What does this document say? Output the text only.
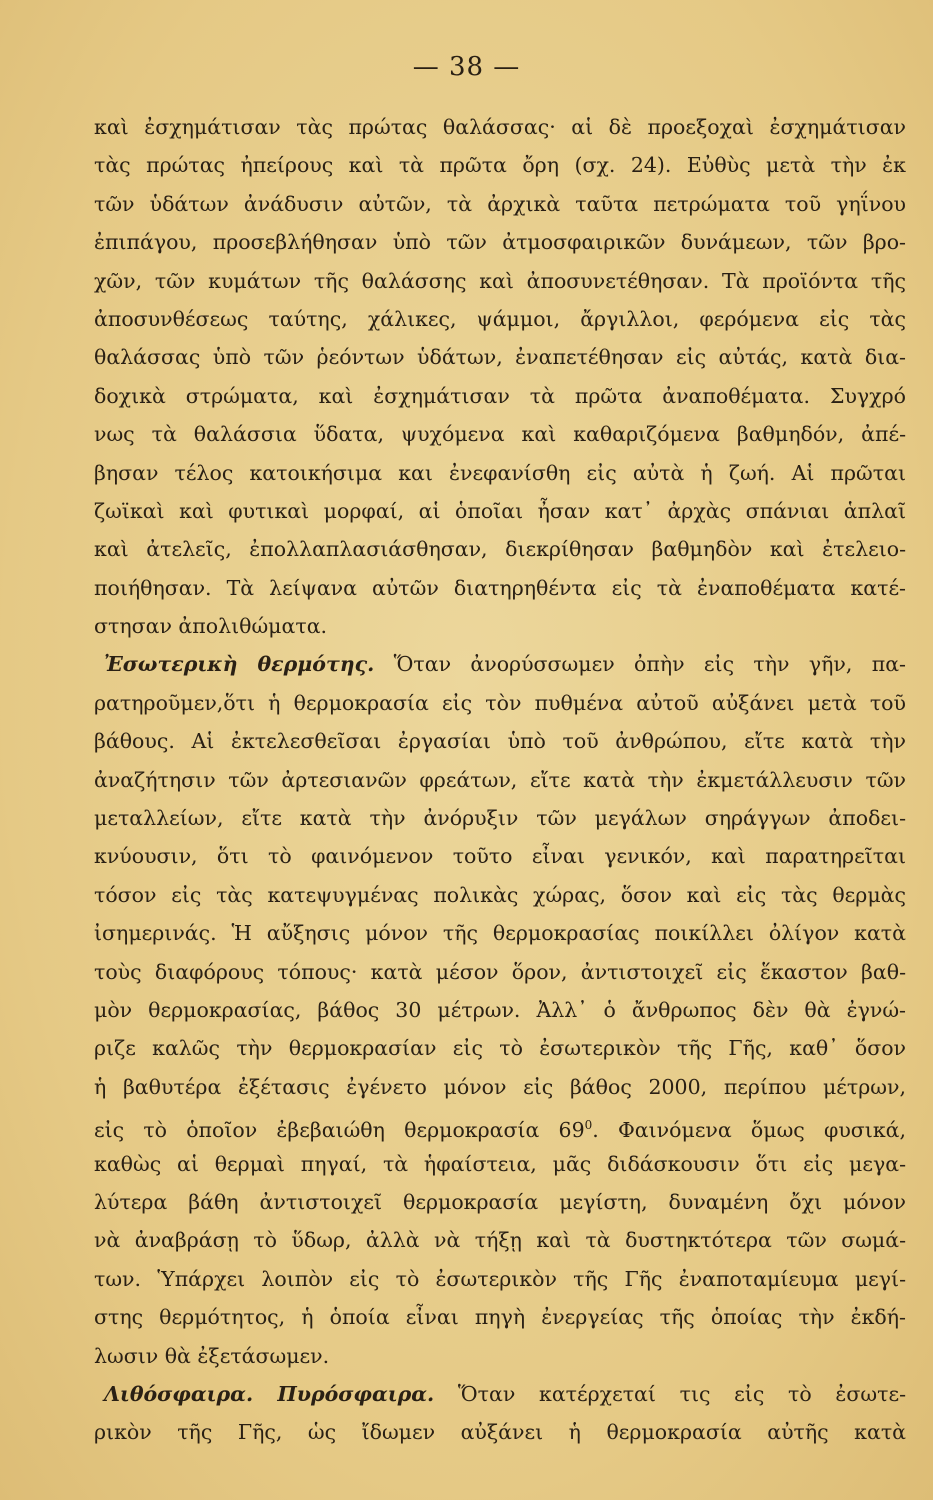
— 38 —
καὶ ἐσχημάτισαν τὰς πρώτας θαλάσσας· αἱ δὲ προεξοχαὶ ἐσχημάτισαν
τὰς πρώτας ἠπείρους καὶ τὰ πρῶτα ὄρη (σχ. 24). Εὐθὺς μετὰ τὴν ἐκ
τῶν ὑδάτων ἀνάδυσιν αὐτῶν, τὰ ἀρχικὰ ταῦτα πετρώματα τοῦ γηΐνου
ἐπιπάγου, προσεβλήθησαν ὑπὸ τῶν ἀτμοσφαιρικῶν δυνάμεων, τῶν βρο-
χῶν, τῶν κυμάτων τῆς θαλάσσης καὶ ἀποσυνετέθησαν. Τὰ προϊόντα τῆς
ἀποσυνθέσεως ταύτης, χάλικες, ψάμμοι, ἄργιλλοι, φερόμενα εἰς τὰς
θαλάσσας ὑπὸ τῶν ῥεόντων ὑδάτων, ἐναπετέθησαν εἰς αὐτάς, κατὰ δια-
δοχικὰ στρώματα, καὶ ἐσχημάτισαν τὰ πρῶτα ἀναποθέματα. Συγχρό
νως τὰ θαλάσσια ὕδατα, ψυχόμενα καὶ καθαριζόμενα βαθμηδόν, ἀπέ-
βησαν τέλος κατοικήσιμα και ἐνεφανίσθη εἰς αὐτὰ ἡ ζωή. Αἱ πρῶται
ζωϊκαὶ καὶ φυτικαὶ μορφαί, αἱ ὁποῖαι ἦσαν κατ᾽ ἀρχὰς σπάνιαι ἁπλαῖ
καὶ ἀτελεῖς, ἐπολλαπλασιάσθησαν, διεκρίθησαν βαθμηδὸν καὶ ἐτελειο-
ποιήθησαν. Τὰ λείψανα αὐτῶν διατηρηθέντα εἰς τὰ ἐναποθέματα κατέ-
στησαν ἀπολιθώματα.
Ἐσωτερικὴ θερμότης. Ὅταν ἀνορύσσωμεν ὀπὴν εἰς τὴν γῆν, πα-
ρατηροῦμεν,ὅτι ἡ θερμοκρασία εἰς τὸν πυθμένα αὐτοῦ αὐξάνει μετὰ τοῦ
βάθους. Αἱ ἐκτελεσθεῖσαι ἐργασίαι ὑπὸ τοῦ ἀνθρώπου, εἴτε κατὰ τὴν
ἀναζήτησιν τῶν ἀρτεσιανῶν φρεάτων, εἴτε κατὰ τὴν ἐκμετάλλευσιν τῶν
μεταλλείων, εἴτε κατὰ τὴν ἀνόρυξιν τῶν μεγάλων σηράγγων ἀποδει-
κνύουσιν, ὅτι τὸ φαινόμενον τοῦτο εἶναι γενικόν, καὶ παρατηρεῖται
τόσον εἰς τὰς κατεψυγμένας πολικὰς χώρας, ὅσον καὶ εἰς τὰς θερμὰς
ἰσημερινάς. Ἡ αὔξησις μόνον τῆς θερμοκρασίας ποικίλλει ὀλίγον κατὰ
τοὺς διαφόρους τόπους· κατὰ μέσον ὅρον, ἀντιστοιχεῖ εἰς ἕκαστον βαθ-
μὸν θερμοκρασίας, βάθος 30 μέτρων. Ἀλλ᾽ ὁ ἄνθρωπος δὲν θὰ ἐγνώ-
ριζε καλῶς τὴν θερμοκρασίαν εἰς τὸ ἐσωτερικὸν τῆς Γῆς, καθ᾽ ὅσον
ἡ βαθυτέρα ἐξέτασις ἐγένετο μόνον εἰς βάθος 2000, περίπου μέτρων,
εἰς τὸ ὁποῖον ἐβεβαιώθη θερμοκρασία $69^0$. Φαινόμενα ὅμως φυσικά,
καθὼς αἱ θερμαὶ πηγαί, τὰ ἡφαίστεια, μᾶς διδάσκουσιν ὅτι εἰς μεγα-
λύτερα βάθη ἀντιστοιχεῖ θερμοκρασία μεγίστη, δυναμένη ὄχι μόνον
νὰ ἀναβράσῃ τὸ ὕδωρ, ἀλλὰ νὰ τήξῃ καὶ τὰ δυστηκτότερα τῶν σωμά-
των. Ὑπάρχει λοιπὸν εἰς τὸ ἐσωτερικὸν τῆς Γῆς ἐναποταμίευμα μεγί-
στης θερμότητος, ἡ ὁποία εἶναι πηγὴ ἐνεργείας τῆς ὁποίας τὴν ἐκδή-
λωσιν θὰ ἐξετάσωμεν.
Λιθόσφαιρα. Πυρόσφαιρα. Ὅταν κατέρχεταί τις εἰς τὸ ἐσωτε-
ρικὸν τῆς Γῆς, ὡς ἴδωμεν αὐξάνει ἡ θερμοκρασία αὐτῆς κατὰ
